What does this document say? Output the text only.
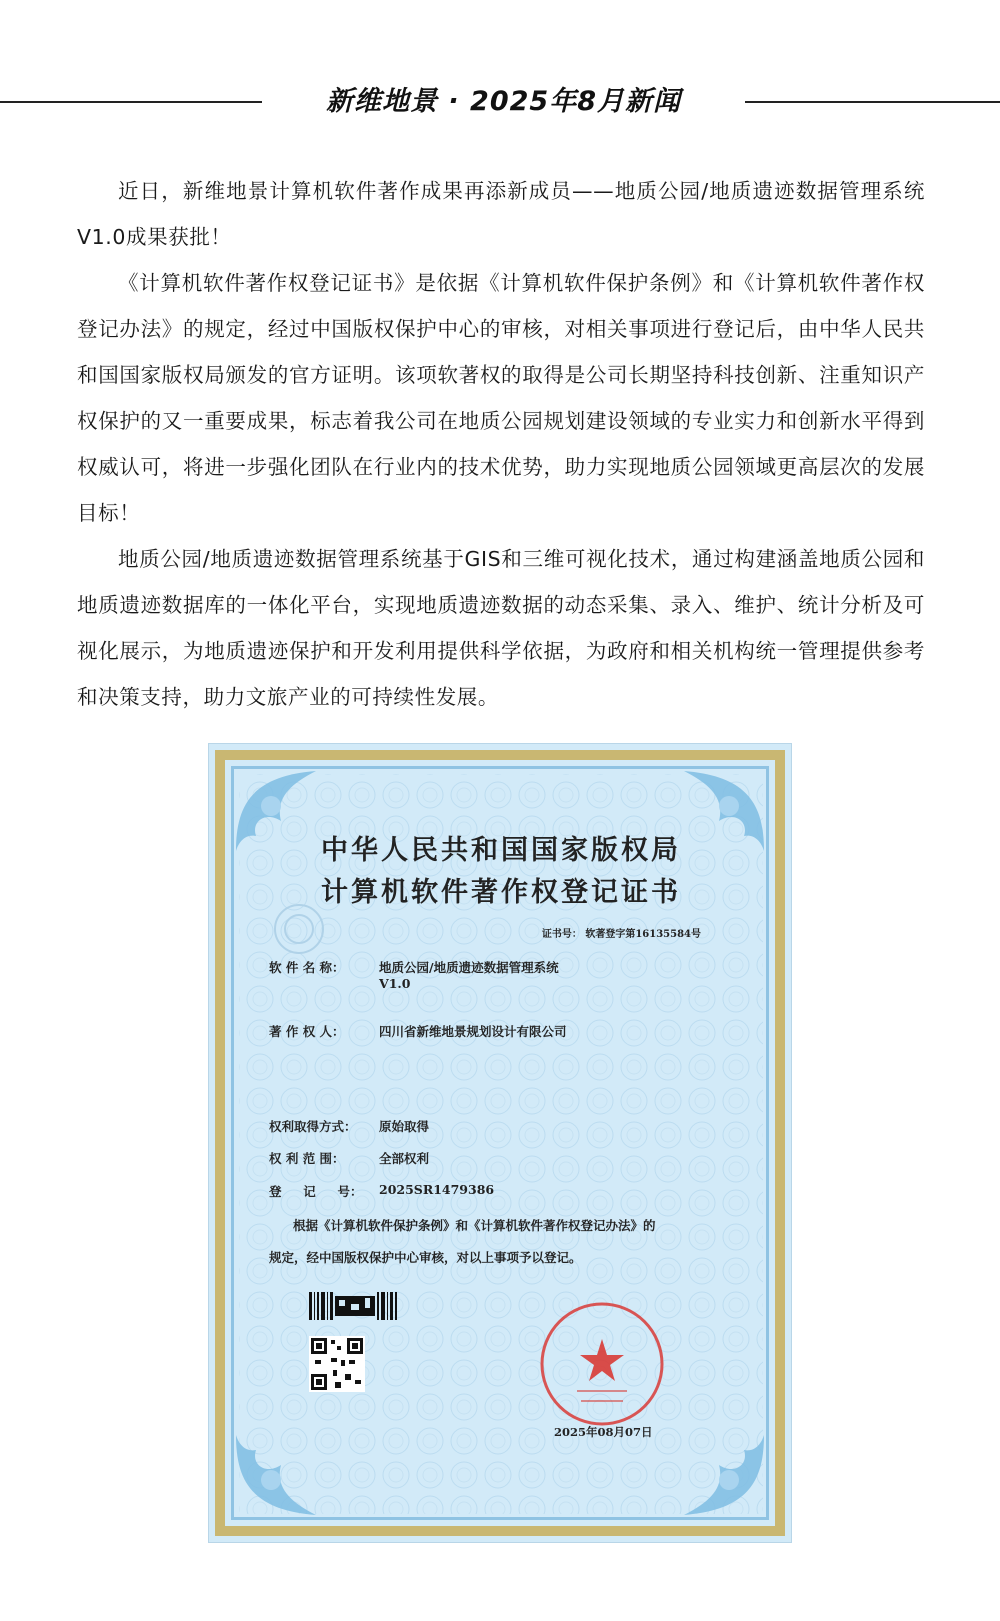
新维地景 · 2025年8月新闻

近日，新维地景计算机软件著作成果再添新成员——地质公园/地质遗迹数据管理系统V1.0成果获批！

《计算机软件著作权登记证书》是依据《计算机软件保护条例》和《计算机软件著作权登记办法》的规定，经过中国版权保护中心的审核，对相关事项进行登记后，由中华人民共和国国家版权局颁发的官方证明。该项软著权的取得是公司长期坚持科技创新、注重知识产权保护的又一重要成果，标志着我公司在地质公园规划建设领域的专业实力和创新水平得到权威认可，将进一步强化团队在行业内的技术优势，助力实现地质公园领域更高层次的发展目标！

地质公园/地质遗迹数据管理系统基于GIS和三维可视化技术，通过构建涵盖地质公园和地质遗迹数据库的一体化平台，实现地质遗迹数据的动态采集、录入、维护、统计分析及可视化展示，为地质遗迹保护和开发利用提供科学依据，为政府和相关机构统一管理提供参考和决策支持，助力文旅产业的可持续性发展。

中华人民共和国国家版权局
计算机软件著作权登记证书
证书号： 软著登字第16135584号
软 件 名 称：	地质公园/地质遗迹数据管理系统
V1.0
著 作 权 人：	四川省新维地景规划设计有限公司
权利取得方式： 原始取得
权 利 范 围：	全部权利
登     记     号： 2025SR1479386
根据《计算机软件保护条例》和《计算机软件著作权登记办法》的
规定，经中国版权保护中心审核，对以上事项予以登记。
2025年08月07日
